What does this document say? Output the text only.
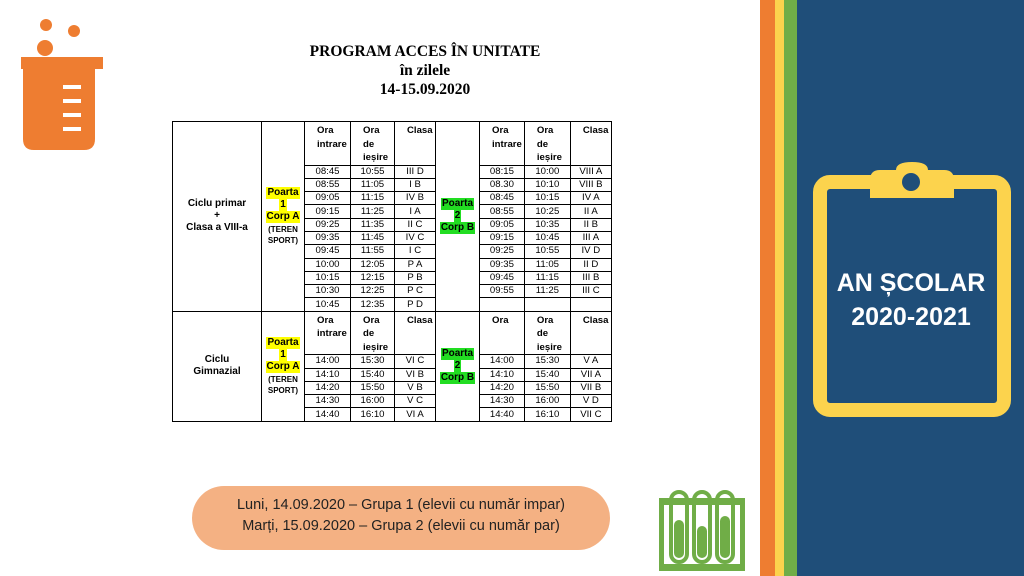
AN ȘCOLAR
2020-2021
PROGRAM ACCES ÎN UNITATE
în zilele
14-15.09.2020
Ciclu primar
+
Clasa a VIII-a	Poarta
1
Corp A
(TEREN
SPORT)	Ora
intrare	Ora
de
ieșire	Clasa	Poarta
2
Corp B	Ora
intrare	Ora
de
ieșire	Clasa
		08:45	10:55	III D		08:15	10:00	VIII A
		08:55	11:05	I B		08.30	10:10	VIII B
		09:05	11:15	IV B		08:45	10:15	IV A
		09:15	11:25	I A		08:55	10:25	II A
		09:25	11:35	II C		09:05	10:35	II B
		09:35	11:45	IV C		09:15	10:45	III A
		09:45	11:55	I C		09:25	10:55	IV D
		10:00	12:05	P A		09:35	11:05	II D
		10:15	12:15	P B		09:45	11:15	III B
		10:30	12:25	P C		09:55	11:25	III C
		10:45	12:35	P D				

Ciclu
Gimnazial	Poarta
1
Corp A
(TEREN
SPORT)	Ora
intrare	Ora
de
ieșire	Clasa	Poarta
2
Corp B	Ora	Ora
de
ieșire	Clasa
		14:00	15:30	VI C		14:00	15:30	V A
		14:10	15:40	VI B		14:10	15:40	VII A
		14:20	15:50	V B		14:20	15:50	VII B
		14:30	16:00	V C		14:30	16:00	V D
		14:40	16:10	VI A		14:40	16:10	VII C
Luni, 14.09.2020 – Grupa 1 (elevii cu număr impar)
Marți, 15.09.2020 – Grupa 2 (elevii cu număr par)
